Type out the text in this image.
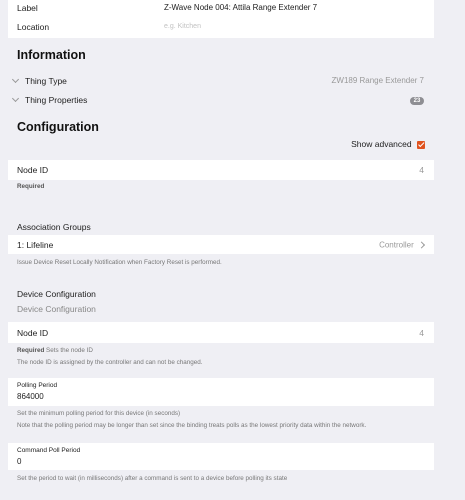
Label	Z-Wave Node 004: Attila Range Extender 7
Location	e.g. Kitchen
Information
Thing Type	ZW189 Range Extender 7
Thing Properties	23
Configuration
Show advanced
Node ID	4
Required
Association Groups
1: Lifeline	Controller
Issue Device Reset Locally Notification when Factory Reset is performed.
Device Configuration
Device Configuration
Node ID	4
Required Sets the node ID
The node ID is assigned by the controller and can not be changed.
Polling Period
864000
Set the minimum polling period for this device (in seconds)
Note that the polling period may be longer than set since the binding treats polls as the lowest priority data within the network.
Command Poll Period
0
Set the period to wait (in milliseconds) after a command is sent to a device before polling its state
